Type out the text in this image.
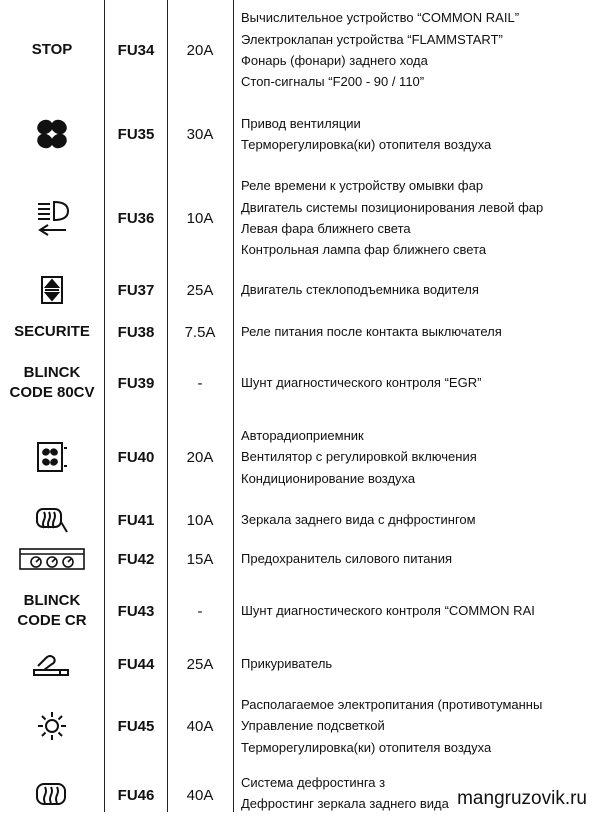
STOP	FU34 20A
Вычислительное устройство “COMMON RAIL”
Электроклапан устройства “FLAMMSTART”
Фонарь (фонари) заднего хода
Стоп-сигналы “F200 - 90 / 110”
FU35 30A
Привод вентиляции
Терморегулировка(ки) отопителя воздуха
FU36 10A
Реле времени к устройству омывки фар
Двигатель системы позиционирования левой фар
Левая фара ближнего света
Контрольная лампа фар ближнего света
FU37 25A Двигатель стеклоподъемника водителя
SECURITE FU38 7.5A Реле питания после контакта выключателя
BLINCK CODE 80CV
FU39	-	Шунт диагностического контроля “EGR”
FU40 20A
Авторадиоприемник
Вентилятор с регулировкой включения
Кондиционирование воздуха
FU41 10A Зеркала заднего вида с днфростингом
FU42 15A Предохранитель силового питания
BLINCK CODE CR
FU43	-	Шунт диагностического контроля “COMMON RAI
FU44 25A Прикуриватель
FU45 40A
Располагаемое электропитания (противотуманны
Управление подсветкой
Терморегулировка(ки) отопителя воздуха
FU46 40A
Система дефростинга з
Дефростинг зеркала заднего вида mangruzovik.ru
